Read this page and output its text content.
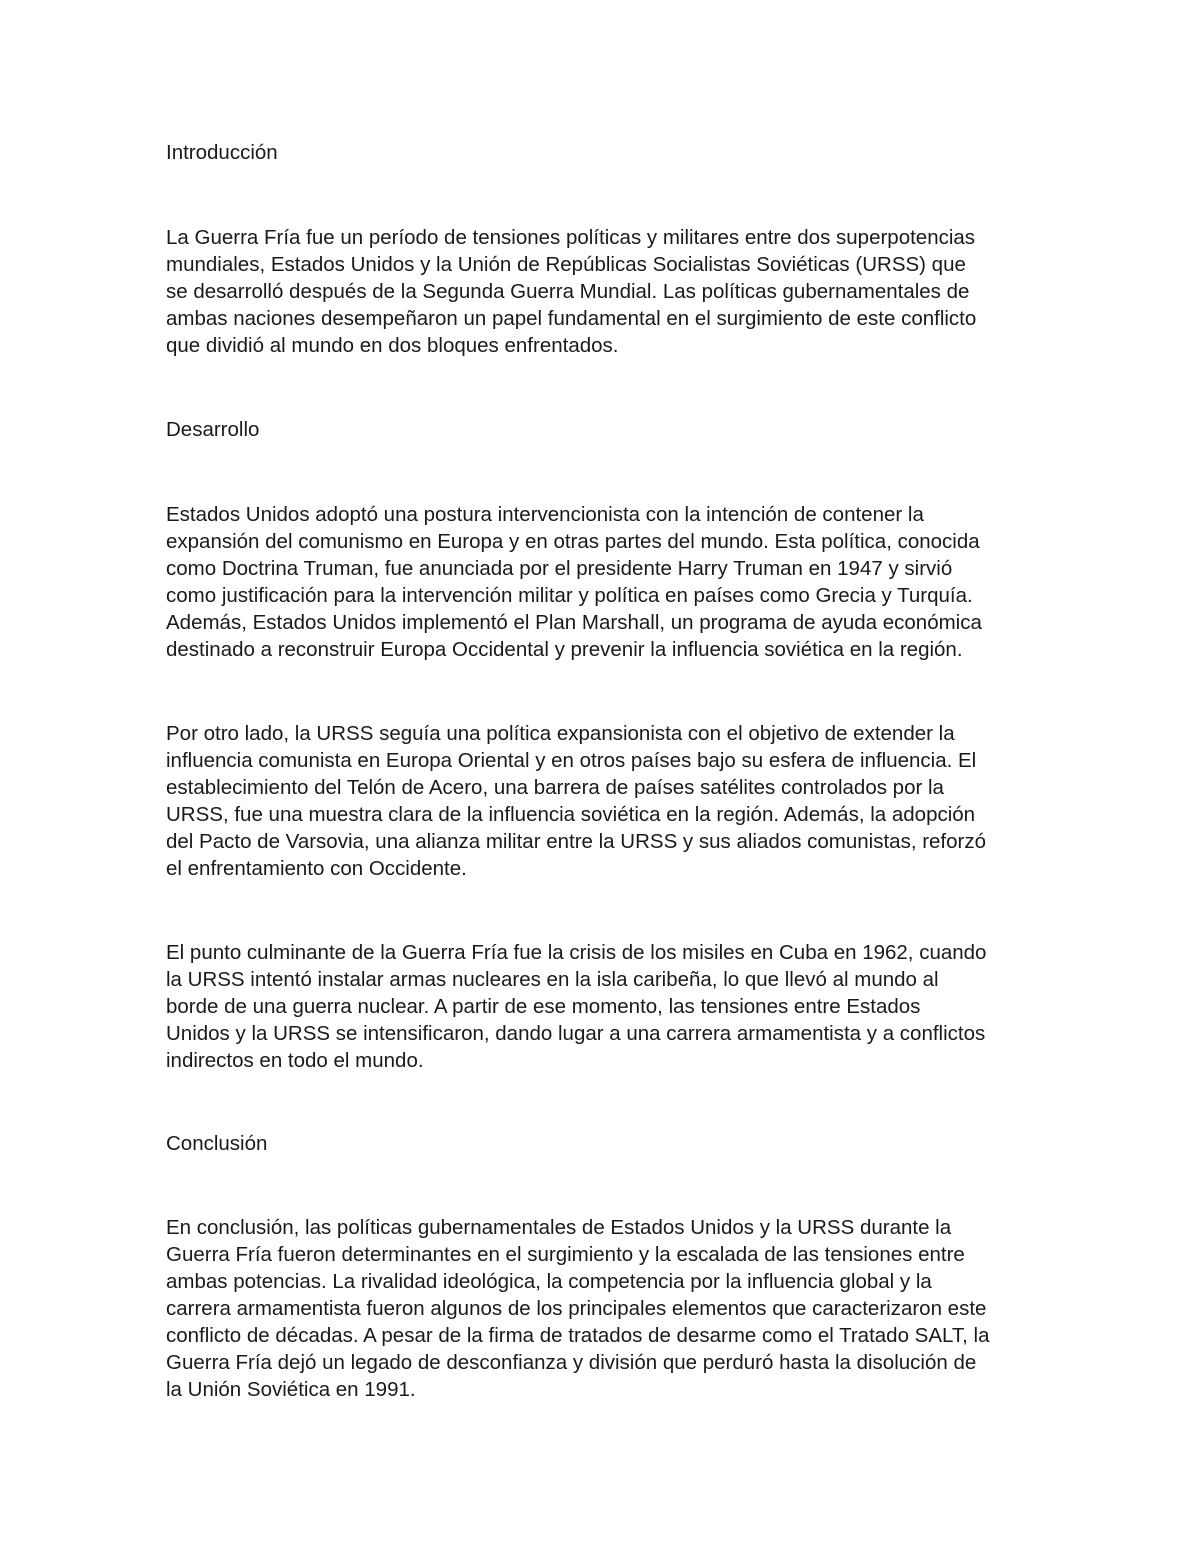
Introducción

La Guerra Fría fue un período de tensiones políticas y militares entre dos superpotencias
mundiales, Estados Unidos y la Unión de Repúblicas Socialistas Soviéticas (URSS) que
se desarrolló después de la Segunda Guerra Mundial. Las políticas gubernamentales de
ambas naciones desempeñaron un papel fundamental en el surgimiento de este conflicto
que dividió al mundo en dos bloques enfrentados.

Desarrollo

Estados Unidos adoptó una postura intervencionista con la intención de contener la
expansión del comunismo en Europa y en otras partes del mundo. Esta política, conocida
como Doctrina Truman, fue anunciada por el presidente Harry Truman en 1947 y sirvió
como justificación para la intervención militar y política en países como Grecia y Turquía.
Además, Estados Unidos implementó el Plan Marshall, un programa de ayuda económica
destinado a reconstruir Europa Occidental y prevenir la influencia soviética en la región.

Por otro lado, la URSS seguía una política expansionista con el objetivo de extender la
influencia comunista en Europa Oriental y en otros países bajo su esfera de influencia. El
establecimiento del Telón de Acero, una barrera de países satélites controlados por la
URSS, fue una muestra clara de la influencia soviética en la región. Además, la adopción
del Pacto de Varsovia, una alianza militar entre la URSS y sus aliados comunistas, reforzó
el enfrentamiento con Occidente.

El punto culminante de la Guerra Fría fue la crisis de los misiles en Cuba en 1962, cuando
la URSS intentó instalar armas nucleares en la isla caribeña, lo que llevó al mundo al
borde de una guerra nuclear. A partir de ese momento, las tensiones entre Estados
Unidos y la URSS se intensificaron, dando lugar a una carrera armamentista y a conflictos
indirectos en todo el mundo.

Conclusión

En conclusión, las políticas gubernamentales de Estados Unidos y la URSS durante la
Guerra Fría fueron determinantes en el surgimiento y la escalada de las tensiones entre
ambas potencias. La rivalidad ideológica, la competencia por la influencia global y la
carrera armamentista fueron algunos de los principales elementos que caracterizaron este
conflicto de décadas. A pesar de la firma de tratados de desarme como el Tratado SALT, la
Guerra Fría dejó un legado de desconfianza y división que perduró hasta la disolución de
la Unión Soviética en 1991.
